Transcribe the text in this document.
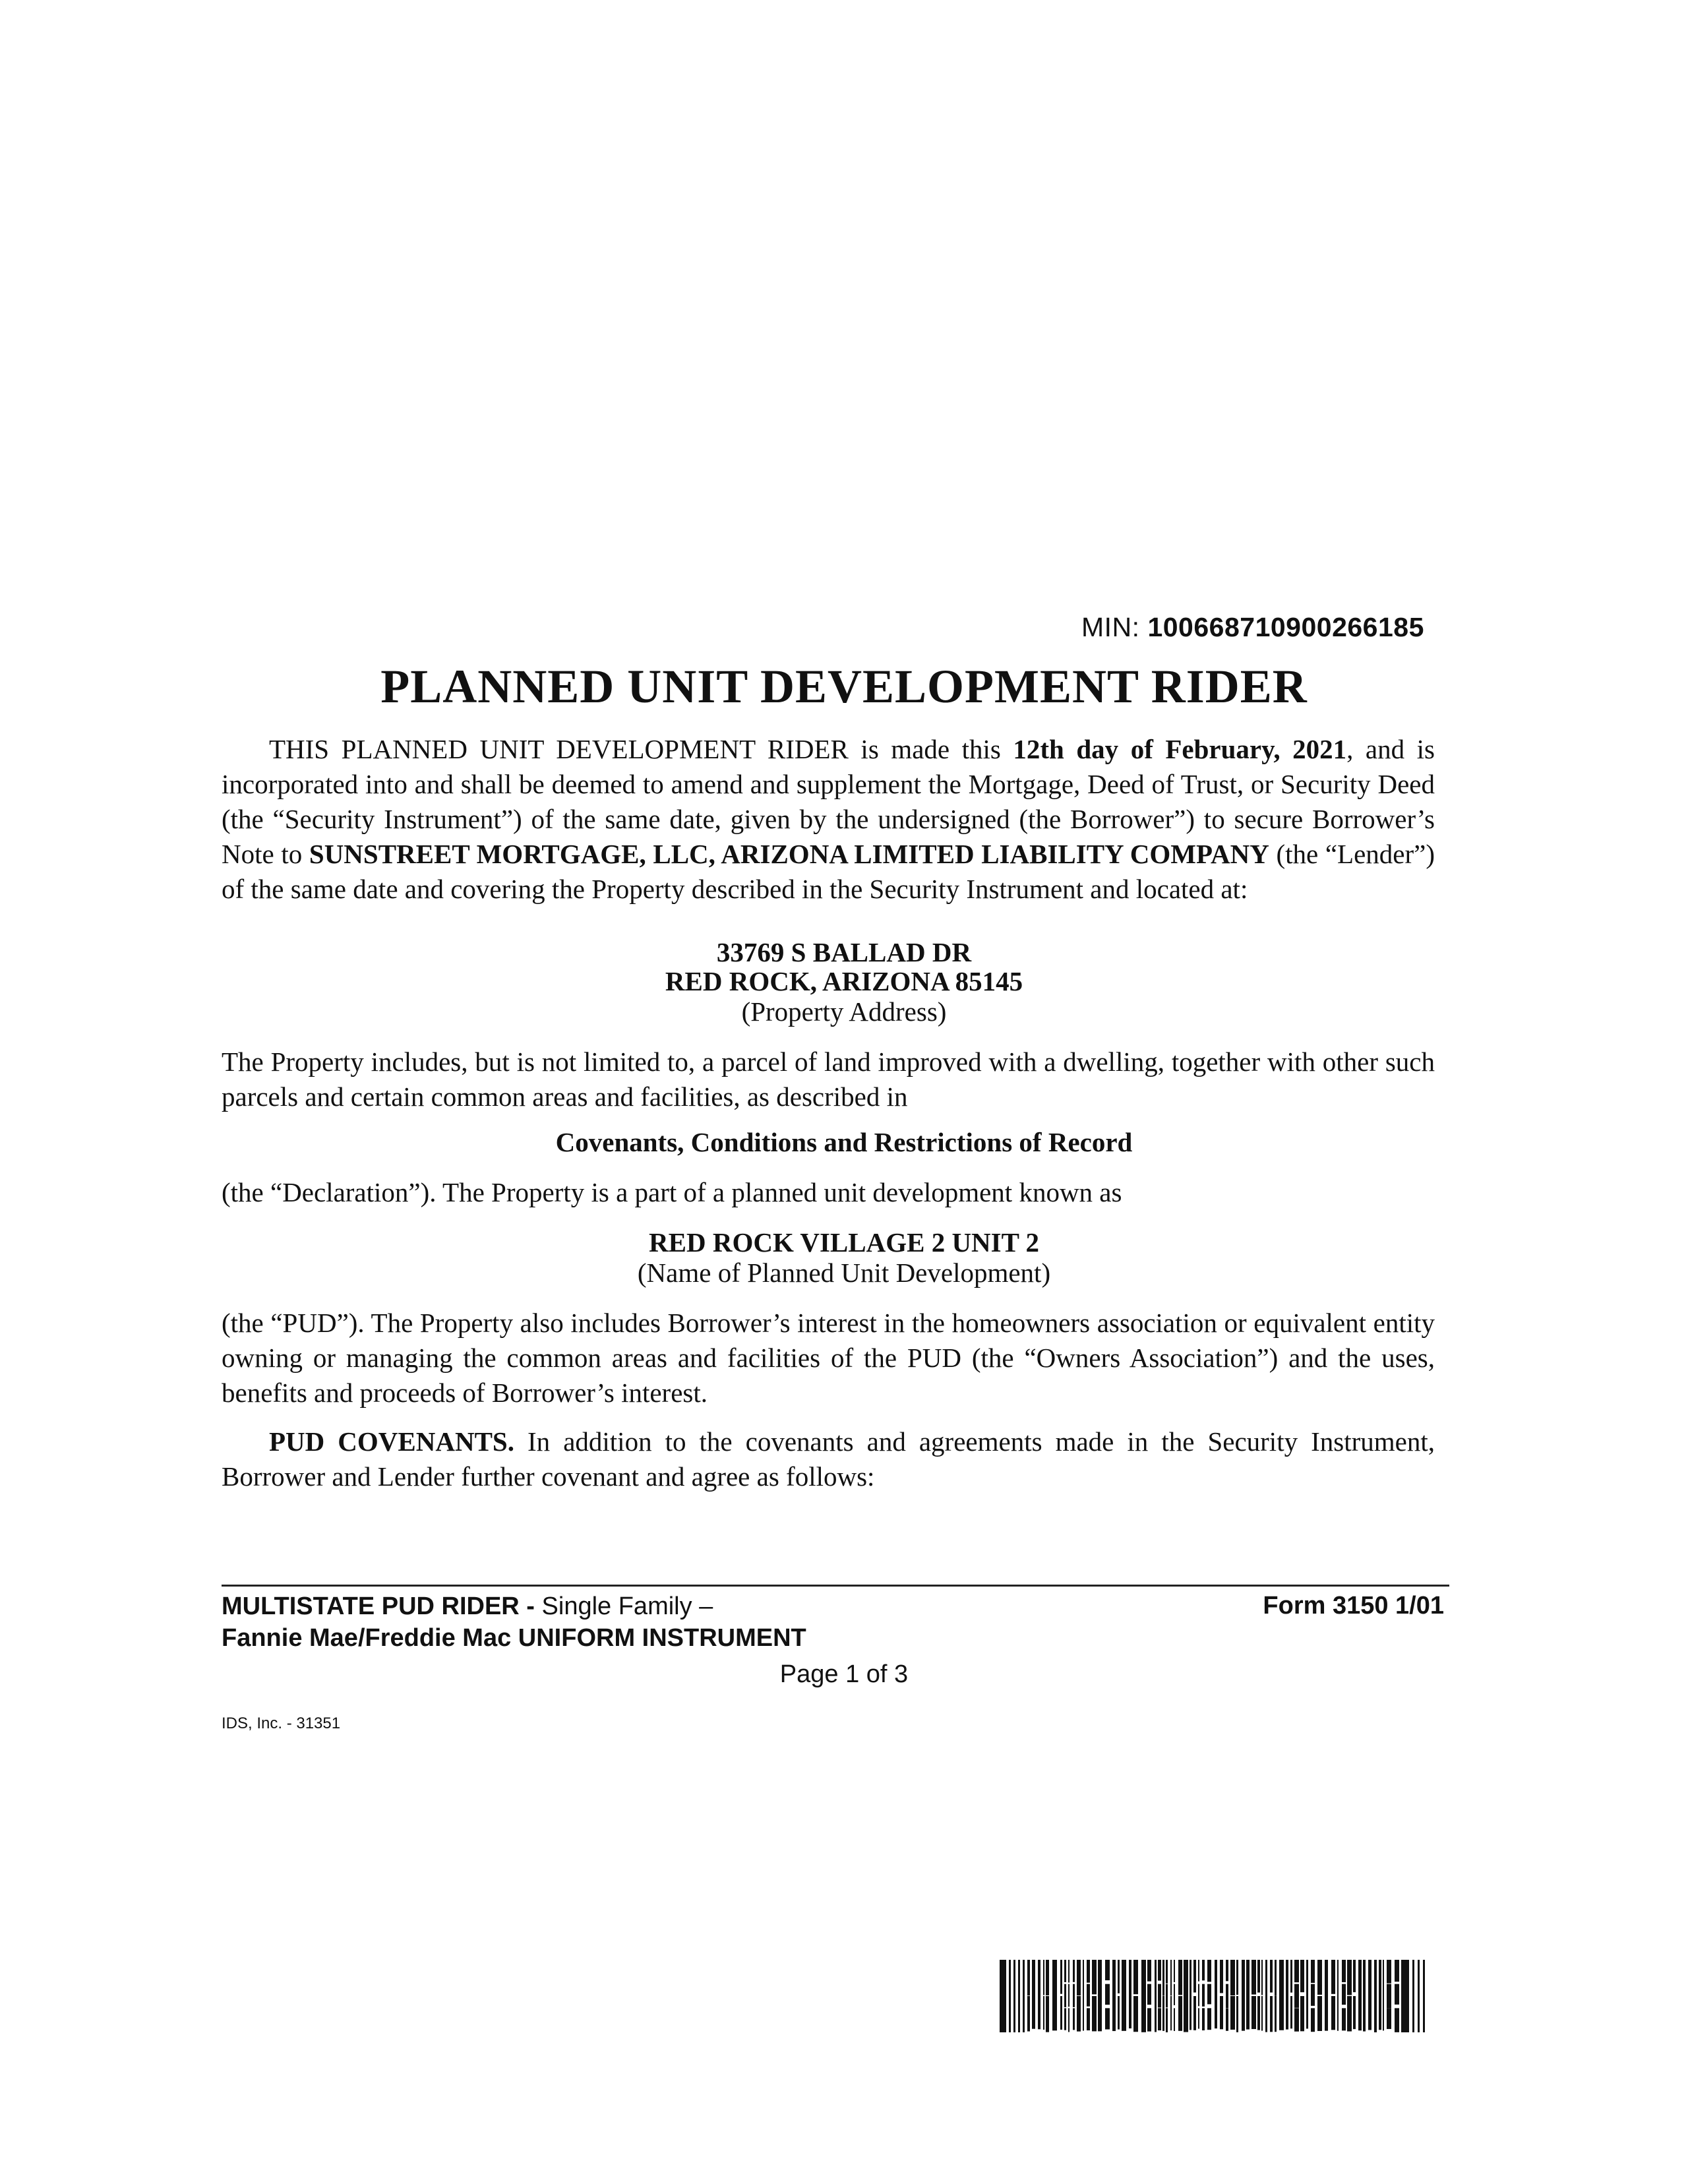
MIN: 100668710900266185
PLANNED UNIT DEVELOPMENT RIDER
THIS PLANNED UNIT DEVELOPMENT RIDER is made this 12th day of February, 2021, and is incorporated into and shall be deemed to amend and supplement the Mortgage, Deed of Trust, or Security Deed (the “Security Instrument”) of the same date, given by the undersigned (the Borrower”) to secure Borrower’s Note to SUNSTREET MORTGAGE, LLC, ARIZONA LIMITED LIABILITY COMPANY (the “Lender”) of the same date and covering the Property described in the Security Instrument and located at:
33769 S BALLAD DR
RED ROCK, ARIZONA 85145
(Property Address)
The Property includes, but is not limited to, a parcel of land improved with a dwelling, together with other such parcels and certain common areas and facilities, as described in
Covenants, Conditions and Restrictions of Record
(the “Declaration”). The Property is a part of a planned unit development known as
RED ROCK VILLAGE 2 UNIT 2
(Name of Planned Unit Development)
(the “PUD”). The Property also includes Borrower’s interest in the homeowners association or equivalent entity owning or managing the common areas and facilities of the PUD (the “Owners Association”) and the uses, benefits and proceeds of Borrower’s interest.
PUD COVENANTS. In addition to the covenants and agreements made in the Security Instrument, Borrower and Lender further covenant and agree as follows:
MULTISTATE PUD RIDER - Single Family –
Fannie Mae/Freddie Mac UNIFORM INSTRUMENT
Form 3150 1/01
Page 1 of 3
IDS, Inc. - 31351
